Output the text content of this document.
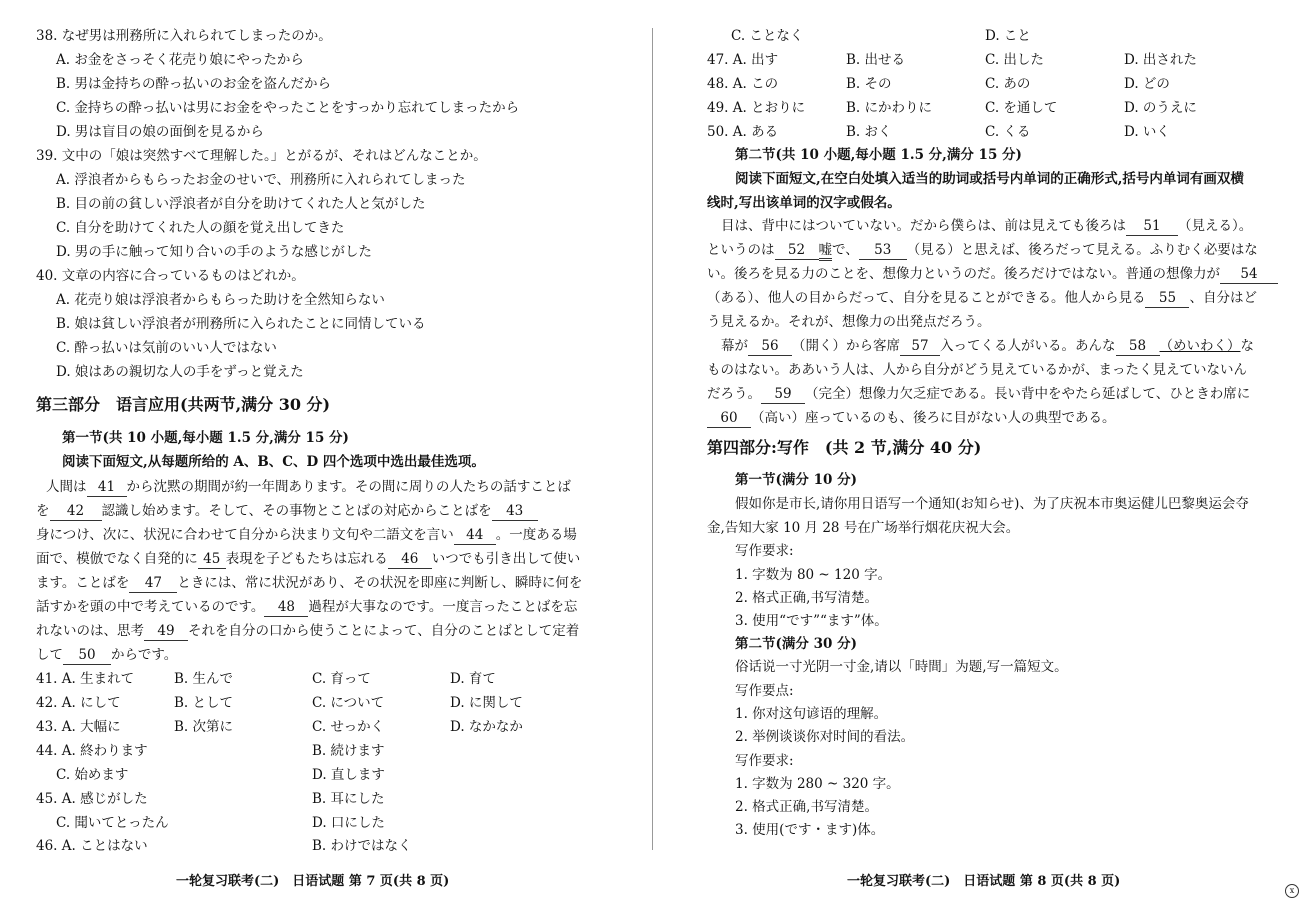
38. なぜ男は刑務所に入れられてしまったのか。
A. お金をさっそく花売り娘にやったから
B. 男は金持ちの酔っ払いのお金を盗んだから
C. 金持ちの酔っ払いは男にお金をやったことをすっかり忘れてしまったから
D. 男は盲目の娘の面倒を見るから
39. 文中の「娘は突然すべて理解した。」とがるが、それはどんなことか。
A. 浮浪者からもらったお金のせいで、刑務所に入れられてしまった
B. 目の前の貧しい浮浪者が自分を助けてくれた人と気がした
C. 自分を助けてくれた人の顔を覚え出してきた
D. 男の手に触って知り合いの手のような感じがした
40. 文章の内容に合っているものはどれか。
A. 花売り娘は浮浪者からもらった助けを全然知らない
B. 娘は貧しい浮浪者が刑務所に入られたことに同情している
C. 酔っ払いは気前のいい人ではない
D. 娘はあの親切な人の手をずっと覚えた
第三部分　语言应用(共两节,满分 30 分)
第一节(共 10 小题,每小题 1.5 分,满分 15 分)
阅读下面短文,从每题所给的 A、B、C、D 四个选项中选出最佳选项。
人間は 41 から沈黙の期間が約一年間あります。その間に周りの人たちの話すことば
を 42 認識し始めます。そして、その事物とことばの対応からことばを 43
身につけ、次に、状況に合わせて自分から決まり文句や二語文を言い 44 。一度ある場
面で、模倣でなく自発的に 45 表現を子どもたちは忘れる 46 いつでも引き出して使い
ます。ことばを 47 ときには、常に状況があり、その状況を即座に判断し、瞬時に何を
話すかを頭の中で考えているのです。 48 過程が大事なのです。一度言ったことばを忘
れないのは、思考 49 それを自分の口から使うことによって、自分のことばとして定着
して 50 からです。
41. A. 生まれて	B. 生んで	C. 育って	D. 育て
42. A. にして	B. として	C. について	D. に関して
43. A. 大幅に	B. 次第に	C. せっかく	D. なかなか
44. A. 終わります	B. 続けます
C. 始めます	D. 直します
45. A. 感じがした	B. 耳にした
C. 聞いてとったん	D. 口にした
46. A. ことはない	B. わけではなく
一轮复习联考(二)　日语试题 第 7 页(共 8 页)
C. ことなく	D. こと
47. A. 出す	B. 出せる	C. 出した	D. 出された
48. A. この	B. その	C. あの	D. どの
49. A. とおりに	B. にかわりに	C. を通して	D. のうえに
50. A. ある	B. おく	C. くる	D. いく
第二节(共 10 小题,每小题 1.5 分,满分 15 分)
阅读下面短文,在空白处填入适当的助词或括号内单词的正确形式,括号内单词有画双横
线时,写出该单词的汉字或假名。
目は、背中にはついていない。だから僕らは、前は見えても後ろは 51 （見える）。
というのは 52 嘘で、 53 （見る）と思えば、後ろだって見える。ふりむく必要はな
い。後ろを見る力のことを、想像力というのだ。後ろだけではない。普通の想像力が 54
（ある）、他人の目からだって、自分を見ることができる。他人から見る 55 、自分はど
う見えるか。それが、想像力の出発点だろう。
幕が 56 （開く）から客席 57 入ってくる人がいる。あんな 58 （めいわく）な
ものはない。ああいう人は、人から自分がどう見えているかが、まったく見えていないん
だろう。 59 （完全）想像力欠乏症である。長い背中をやたら延ばして、ひときわ席に
60 （高い）座っているのも、後ろに目がない人の典型である。
第四部分:写作　(共 2 节,满分 40 分)
第一节(满分 10 分)
假如你是市长,请你用日语写一个通知(お知らせ)、为了庆祝本市奥运健儿巴黎奥运会夺
金,告知大家 10 月 28 号在广场举行烟花庆祝大会。
写作要求:
1. 字数为 80 ~ 120 字。
2. 格式正确,书写清楚。
3. 使用“です”“ます”体。
第二节(满分 30 分)
俗话说一寸光阴一寸金,请以「時間」为题,写一篇短文。
写作要点:
1. 你对这句谚语的理解。
2. 举例谈谈你对时间的看法。
写作要求:
1. 字数为 280 ~ 320 字。
2. 格式正确,书写清楚。
3. 使用(です・ます)体。
一轮复习联考(二)　日语试题 第 8 页(共 8 页)
x
